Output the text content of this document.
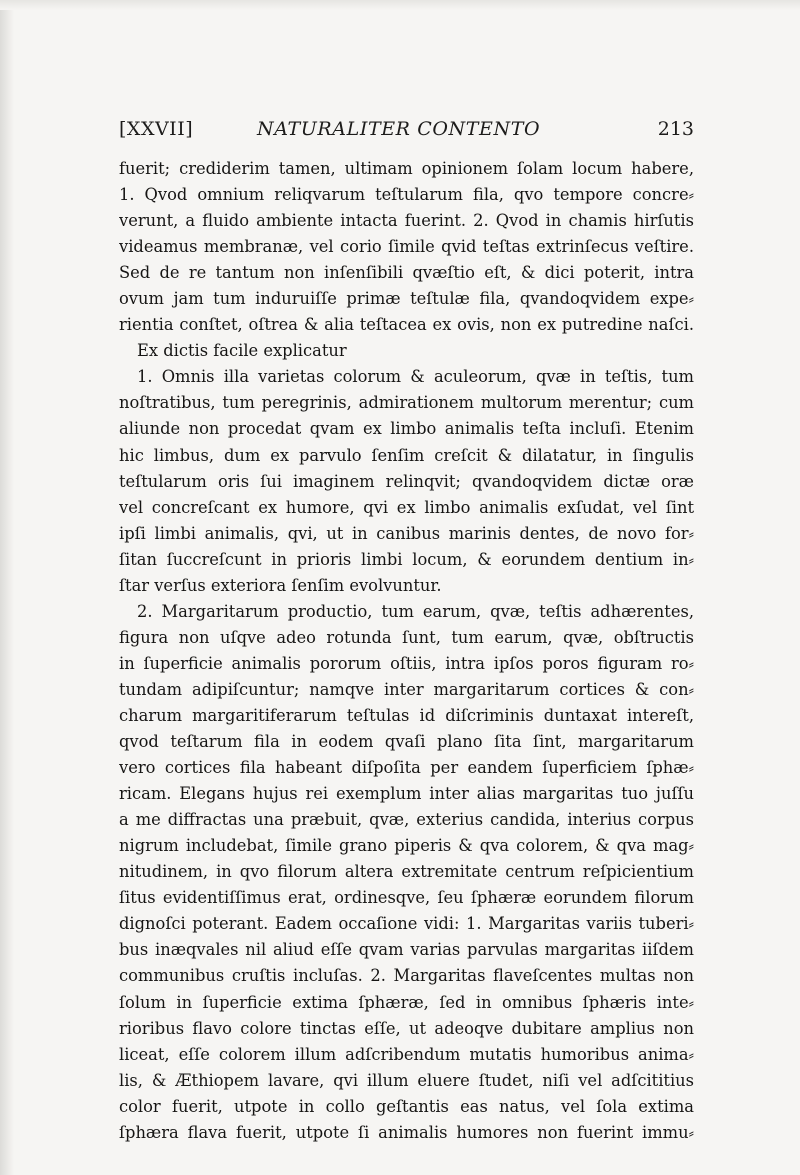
[XXVII]	NATURALITER CONTENTO	213
fuerit; crediderim tamen, ultimam opinionem ſolam locum habere,
1. Qvod omnium reliqvarum teſtularum fila, qvo tempore concre⸗
verunt, a fluido ambiente intacta fuerint. 2. Qvod in chamis hirſutis
videamus membranæ, vel corio ſimile qvid teſtas extrinſecus veſtire.
Sed de re tantum non inſenſibili qvæſtio eſt, & dici poterit, intra
ovum jam tum induruiſſe primæ teſtulæ fila, qvandoqvidem expe⸗
rientia conſtet, oſtrea & alia teſtacea ex ovis, non ex putredine naſci.
Ex dictis facile explicatur
1. Omnis illa varietas colorum & aculeorum, qvæ in teſtis, tum
noſtratibus, tum peregrinis, admirationem multorum merentur; cum
aliunde non procedat qvam ex limbo animalis teſta incluſi. Etenim
hic limbus, dum ex parvulo ſenſim creſcit & dilatatur, in ſingulis
teſtularum oris ſui imaginem relinqvit; qvandoqvidem dictæ oræ
vel concreſcant ex humore, qvi ex limbo animalis exſudat, vel ſint
ipſi limbi animalis, qvi, ut in canibus marinis dentes, de novo for⸗
ſitan ſuccreſcunt in prioris limbi locum, & eorundem dentium in⸗
ſtar verſus exteriora ſenſim evolvuntur.
2. Margaritarum productio, tum earum, qvæ, teſtis adhærentes,
figura non uſqve adeo rotunda ſunt, tum earum, qvæ, obſtructis
in ſuperficie animalis pororum oſtiis, intra ipſos poros figuram ro⸗
tundam adipiſcuntur; namqve inter margaritarum cortices & con⸗
charum margaritiferarum teſtulas id diſcriminis duntaxat intereſt,
qvod teſtarum fila in eodem qvaſi plano ſita ſint, margaritarum
vero cortices fila habeant diſpoſita per eandem ſuperficiem ſphæ⸗
ricam. Elegans hujus rei exemplum inter alias margaritas tuo juſſu
a me diffractas una præbuit, qvæ, exterius candida, interius corpus
nigrum includebat, ſimile grano piperis & qva colorem, & qva mag⸗
nitudinem, in qvo filorum altera extremitate centrum reſpicientium
ſitus evidentiſſimus erat, ordinesqve, ſeu ſphæræ eorundem filorum
dignoſci poterant. Eadem occaſione vidi: 1. Margaritas variis tuberi⸗
bus inæqvales nil aliud eſſe qvam varias parvulas margaritas iiſdem
communibus cruſtis incluſas. 2. Margaritas flaveſcentes multas non
ſolum in ſuperficie extima ſphæræ, ſed in omnibus ſphæris inte⸗
rioribus flavo colore tinctas eſſe, ut adeoqve dubitare amplius non
liceat, eſſe colorem illum adſcribendum mutatis humoribus anima⸗
lis, & Æthiopem lavare, qvi illum eluere ſtudet, niſi vel adſcititius
color fuerit, utpote in collo geſtantis eas natus, vel ſola extima
ſphæra flava fuerit, utpote ſi animalis humores non fuerint immu⸗
